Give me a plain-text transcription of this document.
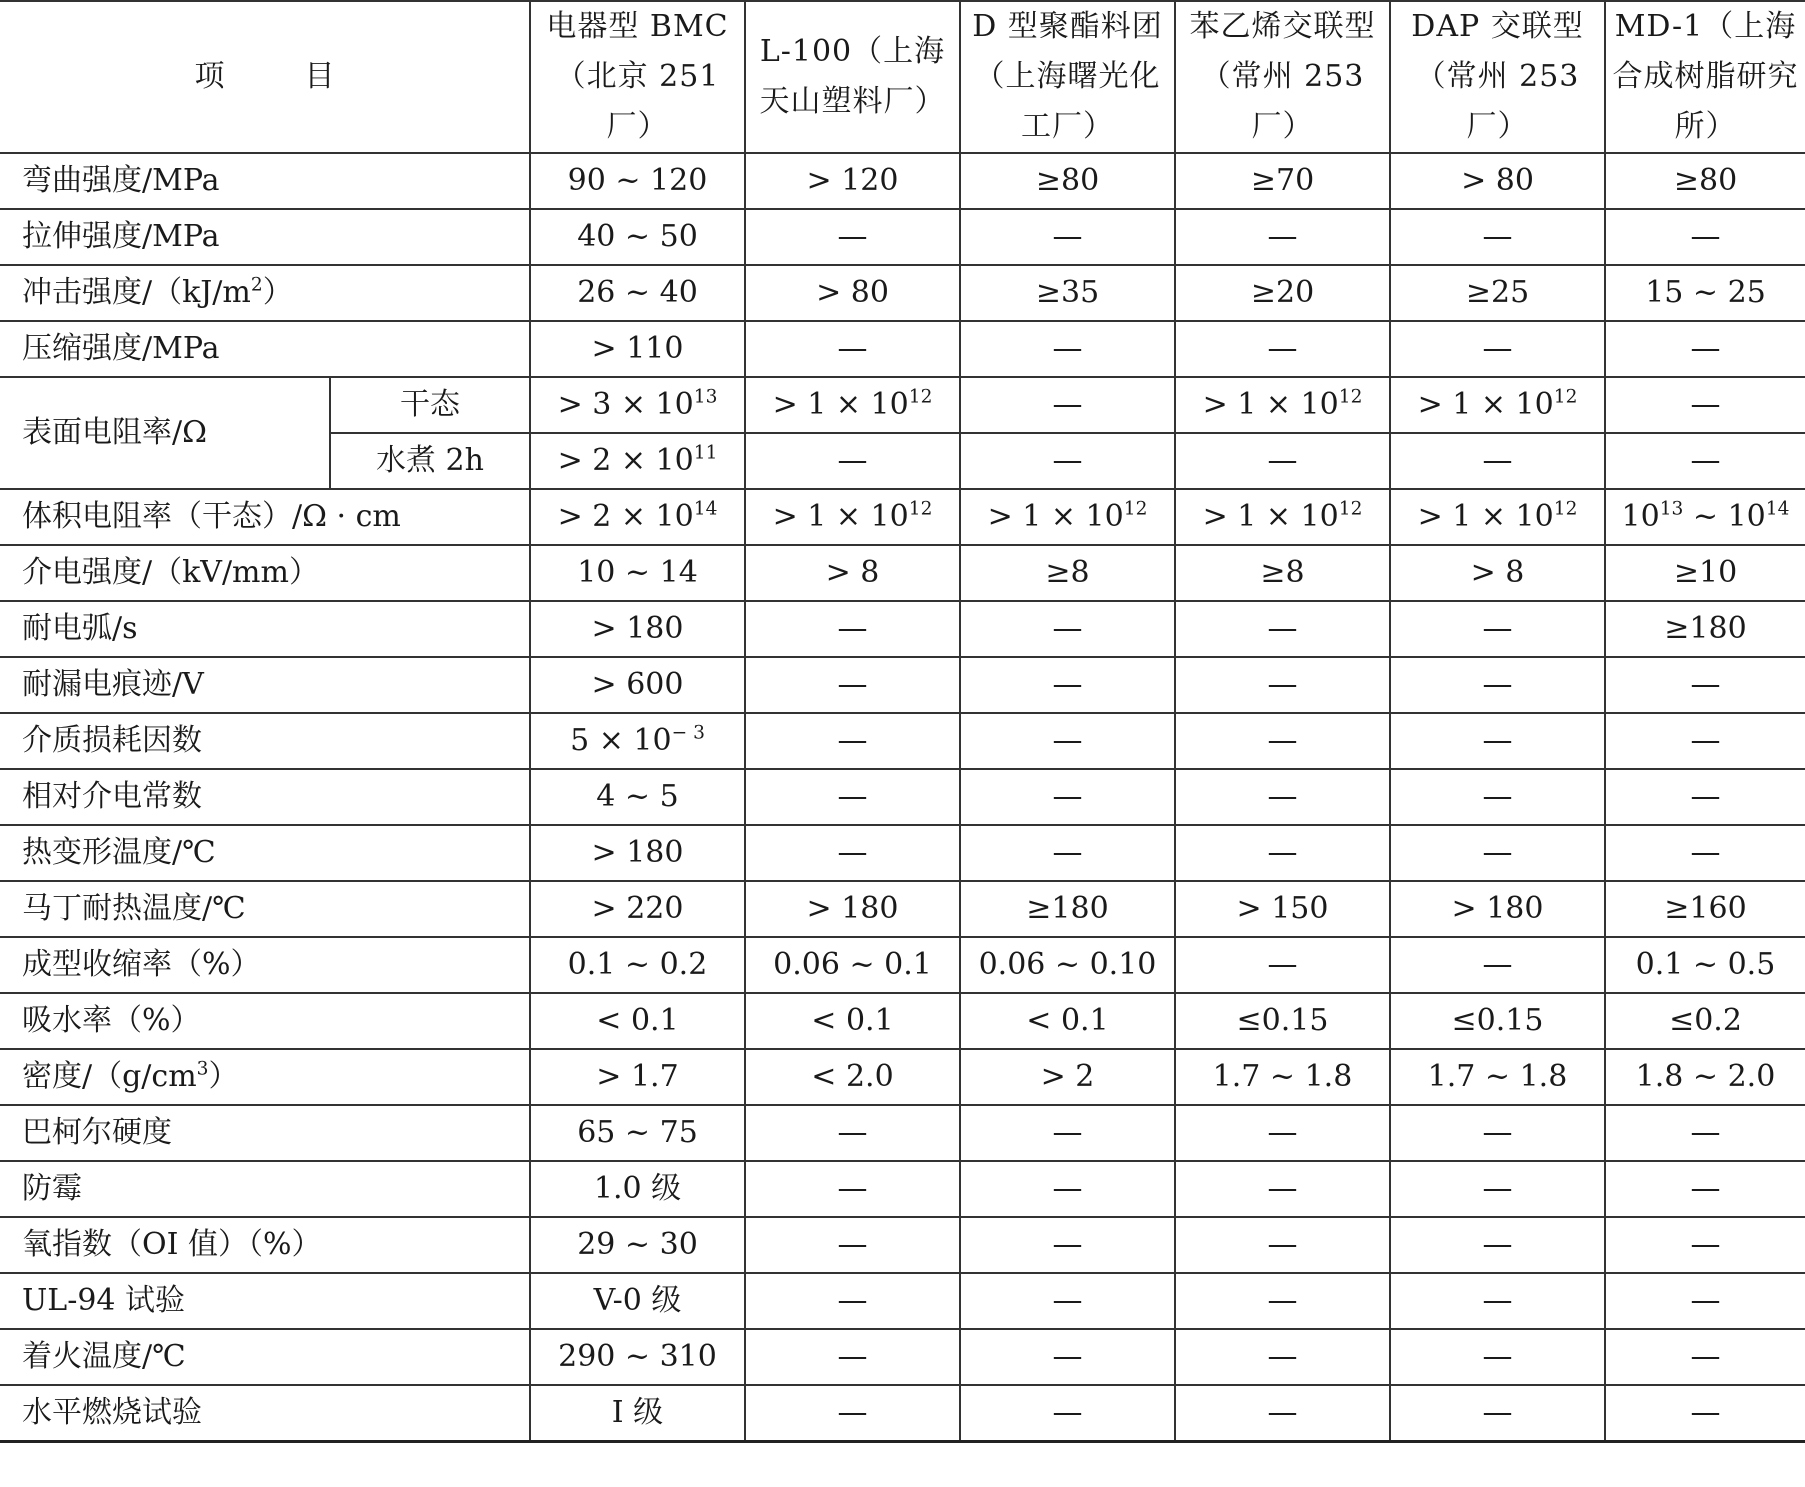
项 目		电器型 BMC（北京 251 厂）	L-100（上海天山塑料厂）	D 型聚酯料团（上海曙光化工厂）	苯乙烯交联型（常州 253 厂）	DAP 交联型（常州 253 厂）	MD-1（上海合成树脂研究所）
弯曲强度/MPa		90 ~ 120	> 120	≥80	≥70	> 80	≥80
拉伸强度/MPa		40 ~ 50	—	—	—	—	—
冲击强度$/(kJ/m^2)$		26 ~ 40	> 80	≥35	≥20	≥25	15 ~ 25
压缩强度/MPa		> 110	—	—	—	—	—
表面电阻率/Ω	干态	> $3 \times 10^{13}$	> $1 \times 10^{12}$	—	> $1 \times 10^{12}$	> $1 \times 10^{12}$	—
	水煮 2h	> $2 \times 10^{11}$	—	—	—	—	—
体积电阻率（干态）/Ω · cm		> $2 \times 10^{14}$	> $1 \times 10^{12}$	> $1 \times 10^{12}$	> $1 \times 10^{12}$	> $1 \times 10^{12}$	$10^{13}$ ~ $10^{14}$
介电强度/（kV/mm）		10 ~ 14	> 8	≥8	≥8	> 8	≥10
耐电弧/s		> 180	—	—	—	—	≥180
耐漏电痕迹/V		> 600	—	—	—	—	—
介质损耗因数		$5 \times 10^{- 3}$	—	—	—	—	—
相对介电常数		4 ~ 5	—	—	—	—	—
热变形温度/℃		> 180	—	—	—	—	—
马丁耐热温度/℃		> 220	> 180	≥180	> 150	> 180	≥160
成型收缩率（%）		0.1 ~ 0.2	0.06 ~ 0.1	0.06 ~ 0.10	—	—	0.1 ~ 0.5
吸水率（%）		< 0.1	< 0.1	< 0.1	≤0.15	≤0.15	≤0.2
密度$/(g/cm^3)$		> 1.7	< 2.0	> 2	1.7 ~ 1.8	1.7 ~ 1.8	1.8 ~ 2.0
巴柯尔硬度		65 ~ 75	—	—	—	—	—
防霉		1.0 级	—	—	—	—	—
氧指数（OI 值）（%）		29 ~ 30	—	—	—	—	—
UL-94 试验		V-0 级	—	—	—	—	—
着火温度/℃		290 ~ 310	—	—	—	—	—
水平燃烧试验		Ⅰ 级	—	—	—	—	—
